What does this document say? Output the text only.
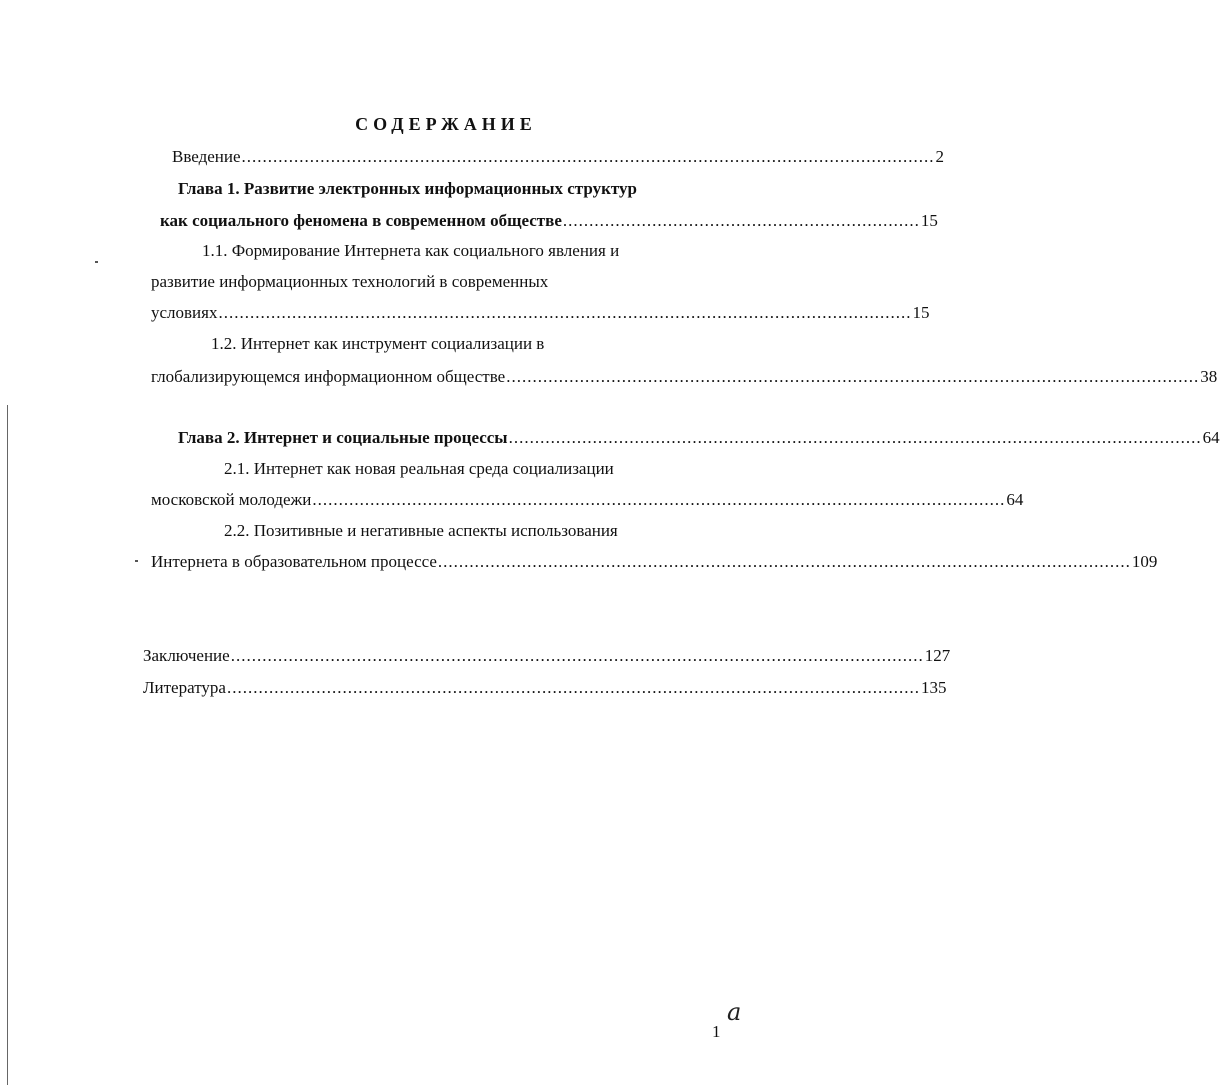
СОДЕРЖАНИЕ
Введение .................................................................................................................................... 2
Глава 1. Развитие электронных информационных структур
как социального феномена в современном обществе .................................................................... 15
1.1. Формирование Интернета как социального явления и
развитие информационных технологий в современных
условиях .................................................................................................................................... 15
1.2. Интернет как инструмент социализации в
глобализирующемся информационном обществе .................................................................................................................................... 38
Глава 2. Интернет и социальные процессы .................................................................................................................................... 64
2.1. Интернет как новая реальная среда социализации
московской молодежи .................................................................................................................................... 64
2.2. Позитивные и негативные аспекты использования
Интернета в образовательном процессе .................................................................................................................................... 109
Заключение .................................................................................................................................... 127
Литература .................................................................................................................................... 135
a
1
